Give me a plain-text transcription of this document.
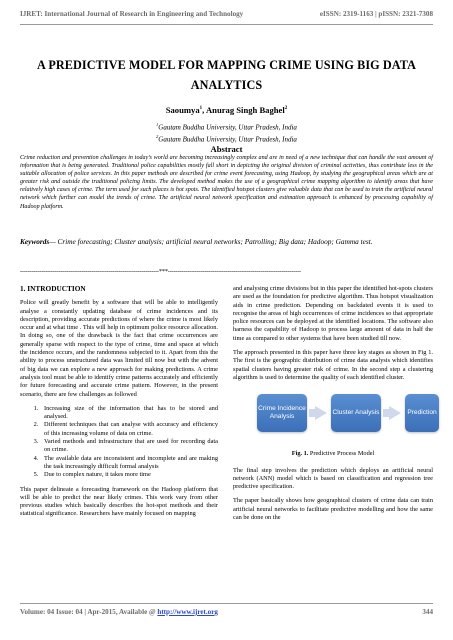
IJRET: International Journal of Research in Engineering and Technology	eISSN: 2319-1163 | pISSN: 2321-7308
A PREDICTIVE MODEL FOR MAPPING CRIME USING BIG DATA
ANALYTICS
Saoumya$^1$, Anurag Singh Baghel$^2$
$^1$Gautam Buddha University, Uttar Pradesh, India
$^2$Gautam Buddha University, Uttar Pradesh, India
Abstract
Crime reduction and prevention challenges in today’s world are becoming increasingly complex and are in need of a new technique that can handle the vast amount of information that is being generated. Traditional police capabilities mostly fall short in depicting the original division of criminal activities, thus contribute less in the suitable allocation of police services. In this paper methods are described for crime event forecasting, using Hadoop, by studying the geographical areas which are at greater risk and outside the traditional policing limits. The developed method makes the use of a geographical crime mapping algorithm to identify areas that have relatively high cases of crime. The term used for such places is hot spots. The identified hotspot clusters give valuable data that can be used to train the artificial neural network which further can model the trends of crime. The artificial neural network specification and estimation approach is enhanced by processing capability of Hadoop platform.
Keywords— Crime forecasting; Cluster analysis; artificial neural networks; Patrolling; Big data; Hadoop; Gamma test.
------------------------------------------------------------------------***---------------------------------------------------------------------
1. INTRODUCTION

Police will greatly benefit by a software that will be able to intelligently analyse a constantly updating database of crime incidences and its description, providing accurate predictions of where the crime is most likely occur and at what time . This will help in optimum police resource allocation. In doing so, one of the drawback is the fact that crime occurrences are generally sparse with respect to the type of crime, time and space at which the incidence occurs, and the randomness subjected to it. Apart from this the ability to process unstructured data was limited till now but with the advent of big data we can explore a new approach for making predictions. A crime analysis tool must be able to identify crime patterns accurately and efficiently for future forecasting and accurate crime pattern. However, in the present scenario, there are few challenges as followed

1. Increasing size of the information that has to be stored and analysed.
2. Different techniques that can analyse with accuracy and efficiency of this increasing volume of data on crime.
3. Varied methods and infrastructure that are used for recording data on crime.
4. The available data are inconsistent and incomplete and are making the task increasingly difficult formal analysis
5. Due to complex nature, it takes more time

This paper delineate a forecasting framework on the Hadoop platform that will be able to predict the near likely crimes. This work vary from other previous studies which basically describes the hot-spot methods and their statistical significance. Researchers have mainly focused on mapping

and analysing crime divisions but in this paper the identified hot-spots clusters are used as the foundation for predictive algorithm. Thus hotspot visualization aids in crime prediction. Depending on backdated events it is used to recognise the areas of high occurrences of crime incidences so that appropriate police resources can be deployed at the identified locations. The software also harness the capability of Hadoop to process large amount of data in half the time as compared to other systems that have been studied till now.

The approach presented in this paper have three key stages as shown in Fig 1. The first is the geographic distribution of crime data analysis which identifies spatial clusters having greater risk of crime. In the second step a clustering algorithm is used to determine the quality of each identified cluster.

Crime Incidence Analysis
Cluster Analysis	Prediction
Fig. 1. Predictive Process Model

The final step involves the prediction which deploys an artificial neural network (ANN) model which is based on classification and regression tree predictive specification.

The paper basically shows how geographical clusters of crime data can train artificial neural networks to facilitate predictive modelling and how the same can be done on the

Volume: 04 Issue: 04 | Apr-2015, Available @ http://www.ijret.org	344
